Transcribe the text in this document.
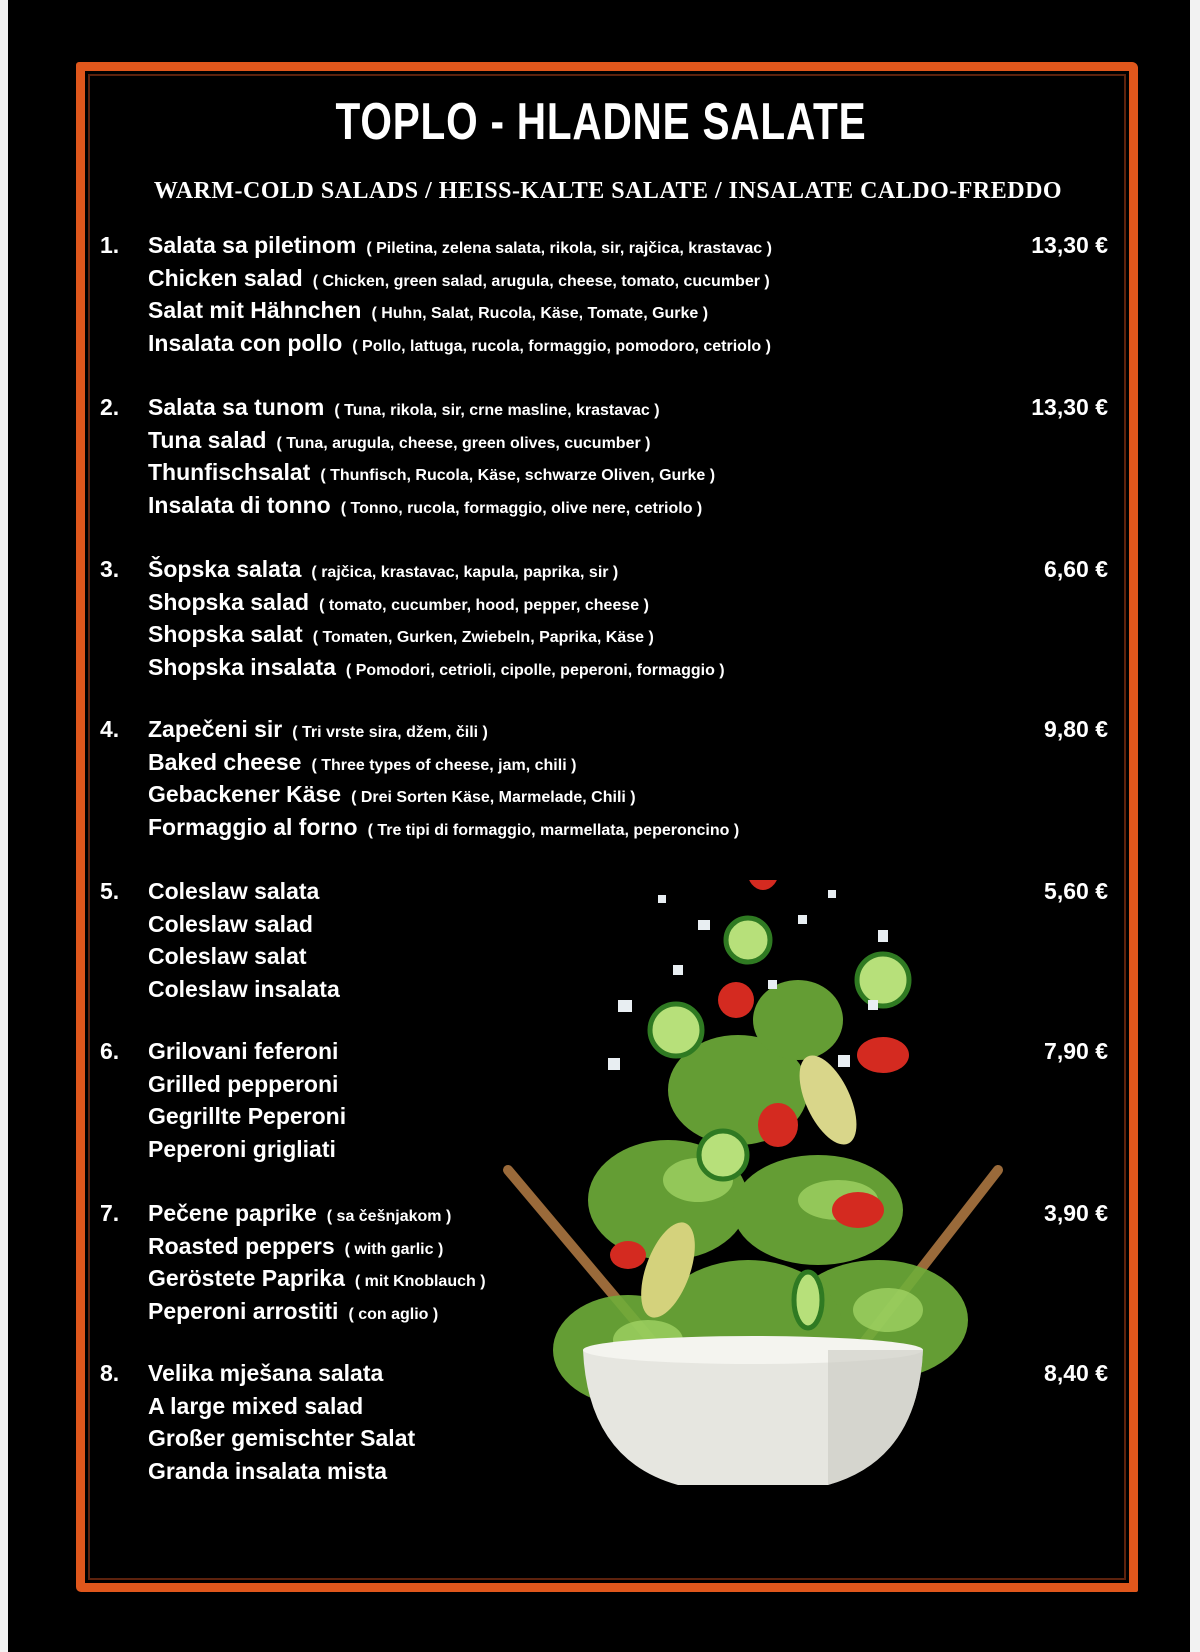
TOPLO - HLADNE SALATE
WARM-COLD SALADS / HEISS-KALTE SALATE / INSALATE CALDO-FREDDO
1.	13,30 €
Salata sa piletinom ( Piletina, zelena salata, rikola, sir, rajčica, krastavac )
Chicken salad ( Chicken, green salad, arugula, cheese, tomato, cucumber )
Salat mit Hähnchen ( Huhn, Salat, Rucola, Käse, Tomate, Gurke )
Insalata con pollo ( Pollo, lattuga, rucola, formaggio, pomodoro, cetriolo )
2.	13,30 €
Salata sa tunom ( Tuna, rikola, sir, crne masline, krastavac )
Tuna salad ( Tuna, arugula, cheese, green olives, cucumber )
Thunfischsalat ( Thunfisch, Rucola, Käse, schwarze Oliven, Gurke )
Insalata di tonno ( Tonno, rucola, formaggio, olive nere, cetriolo )
3.	6,60 €
Šopska salata ( rajčica, krastavac, kapula, paprika, sir )
Shopska salad ( tomato, cucumber, hood, pepper, cheese )
Shopska salat ( Tomaten, Gurken, Zwiebeln, Paprika, Käse )
Shopska insalata ( Pomodori, cetrioli, cipolle, peperoni, formaggio )
4.	9,80 €
Zapečeni sir ( Tri vrste sira, džem, čili )
Baked cheese ( Three types of cheese, jam, chili )
Gebackener Käse ( Drei Sorten Käse, Marmelade, Chili )
Formaggio al forno ( Tre tipi di formaggio, marmellata, peperoncino )
5.	5,60 €
Coleslaw salata
Coleslaw salad
Coleslaw salat
Coleslaw insalata
6.	7,90 €
Grilovani feferoni
Grilled pepperoni
Gegrillte Peperoni
Peperoni grigliati
7.	3,90 €
Pečene paprike ( sa češnjakom )
Roasted peppers ( with garlic )
Geröstete Paprika ( mit Knoblauch )
Peperoni arrostiti ( con aglio )
8.	8,40 €
Velika mješana salata
A large mixed salad
Großer gemischter Salat
Granda insalata mista
